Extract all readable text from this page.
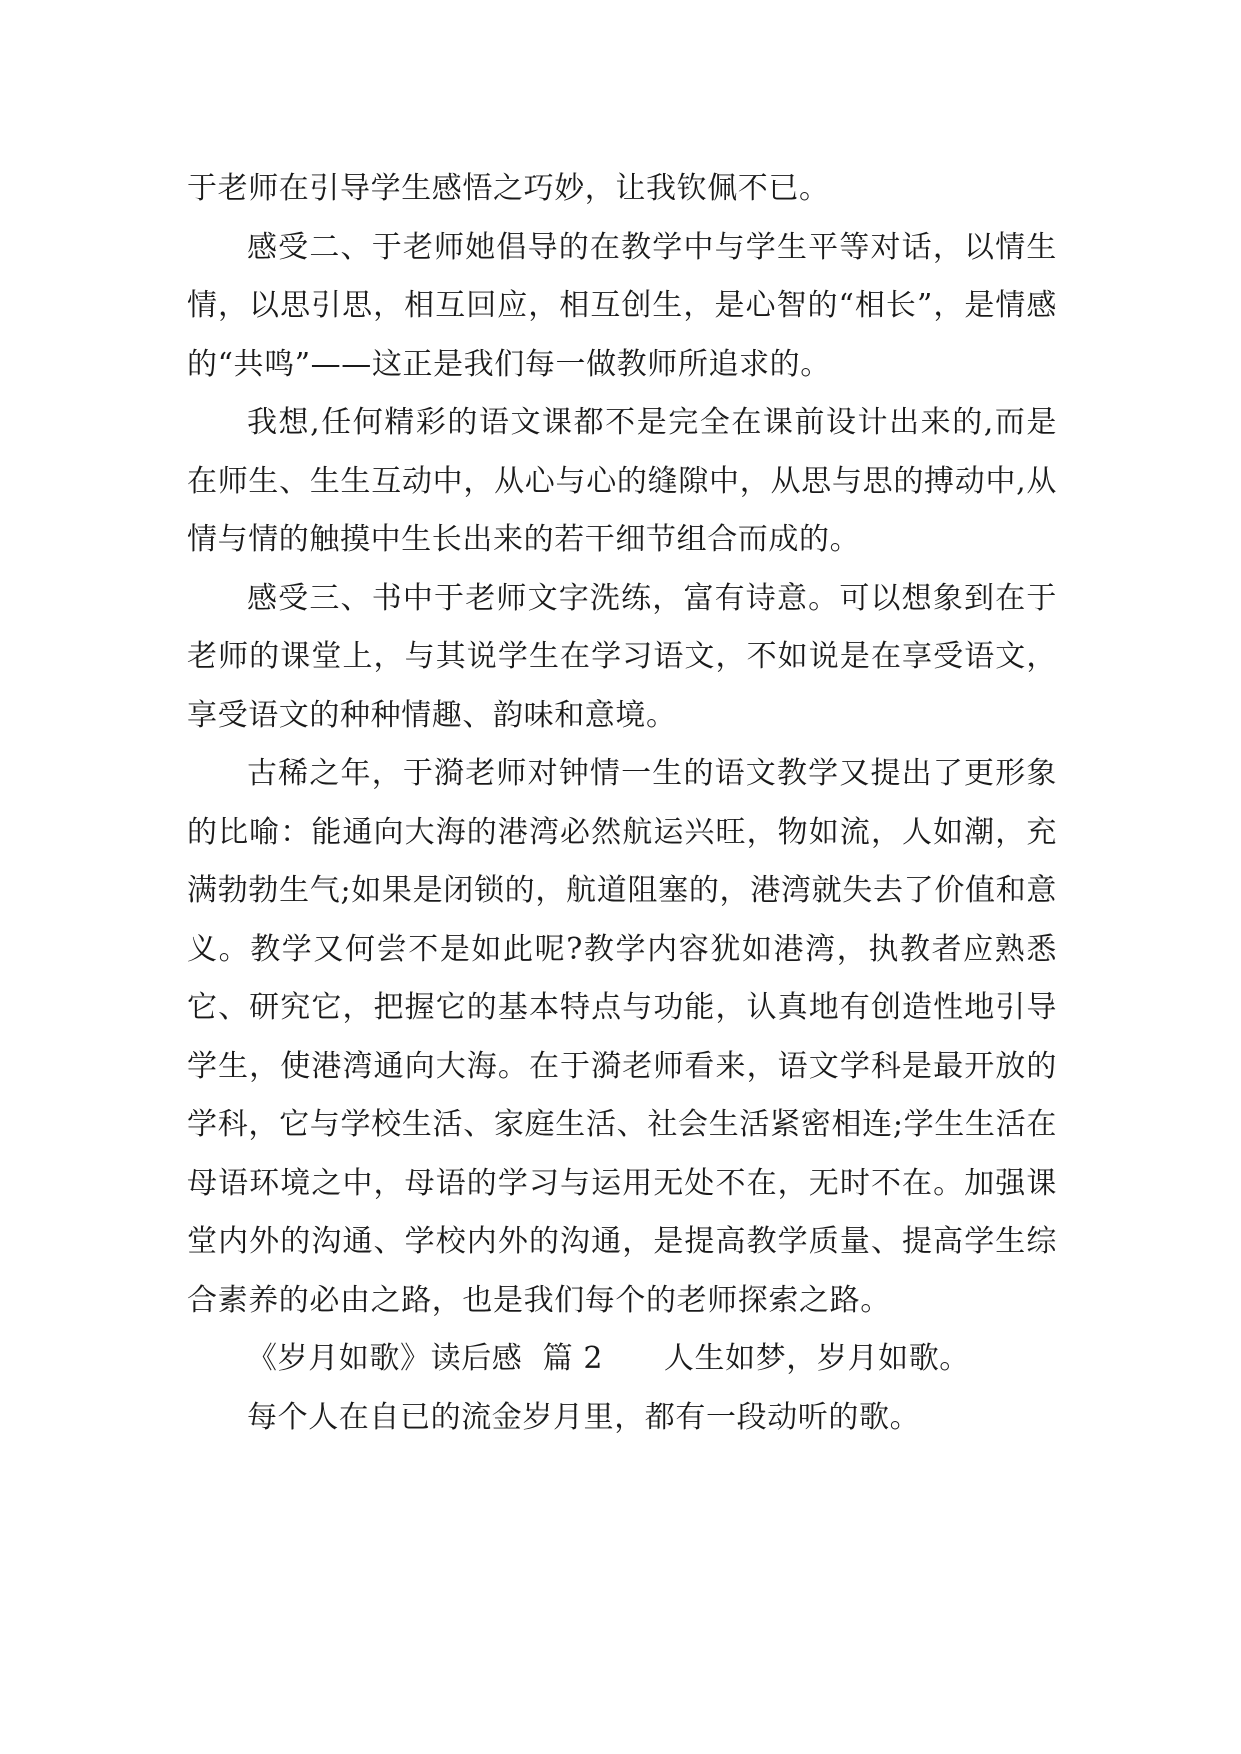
于老师在引导学生感悟之巧妙，让我钦佩不已。

感受二、于老师她倡导的在教学中与学生平等对话，以情生情，以思引思，相互回应，相互创生，是心智的“相长”，是情感的“共鸣”——这正是我们每一做教师所追求的。

我想,任何精彩的语文课都不是完全在课前设计出来的,而是在师生、生生互动中，从心与心的缝隙中，从思与思的搏动中,从情与情的触摸中生长出来的若干细节组合而成的。

感受三、书中于老师文字洗练，富有诗意。可以想象到在于老师的课堂上，与其说学生在学习语文，不如说是在享受语文，享受语文的种种情趣、韵味和意境。

古稀之年，于漪老师对钟情一生的语文教学又提出了更形象的比喻：能通向大海的港湾必然航运兴旺，物如流，人如潮，充满勃勃生气;如果是闭锁的，航道阻塞的，港湾就失去了价值和意义。教学又何尝不是如此呢?教学内容犹如港湾，执教者应熟悉它、研究它，把握它的基本特点与功能，认真地有创造性地引导学生，使港湾通向大海。在于漪老师看来，语文学科是最开放的学科，它与学校生活、家庭生活、社会生活紧密相连;学生生活在母语环境之中，母语的学习与运用无处不在，无时不在。加强课堂内外的沟通、学校内外的沟通，是提高教学质量、提高学生综合素养的必由之路，也是我们每个的老师探索之路。

《岁月如歌》读后感  篇 2      人生如梦，岁月如歌。

每个人在自已的流金岁月里，都有一段动听的歌。
